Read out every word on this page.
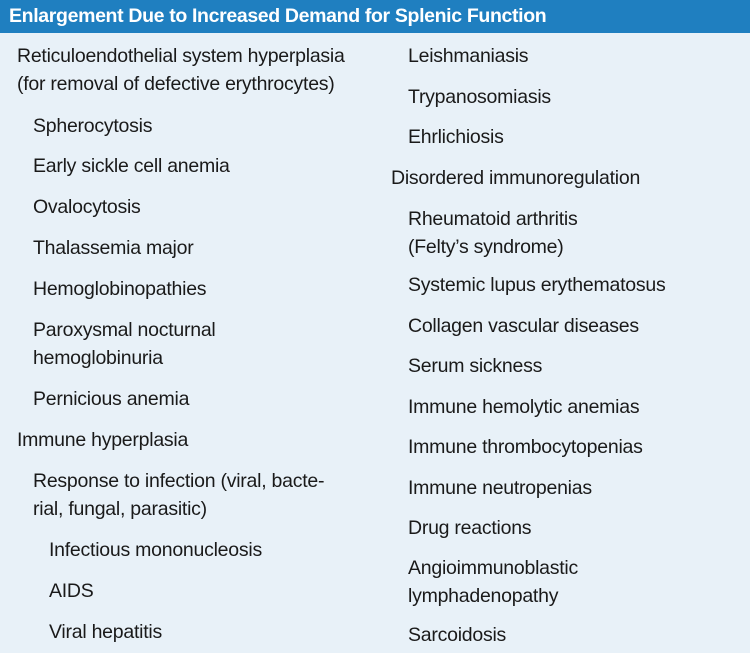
Enlargement Due to Increased Demand for Splenic Function
Reticuloendothelial system hyperplasia
(for removal of defective erythrocytes)
Spherocytosis
Early sickle cell anemia
Ovalocytosis
Thalassemia major
Hemoglobinopathies
Paroxysmal nocturnal
hemoglobinuria
Pernicious anemia
Immune hyperplasia
Response to infection (viral, bacte-
rial, fungal, parasitic)
Infectious mononucleosis
AIDS
Viral hepatitis
Leishmaniasis
Trypanosomiasis
Ehrlichiosis
Disordered immunoregulation
Rheumatoid arthritis
(Felty’s syndrome)
Systemic lupus erythematosus
Collagen vascular diseases
Serum sickness
Immune hemolytic anemias
Immune thrombocytopenias
Immune neutropenias
Drug reactions
Angioimmunoblastic
lymphadenopathy
Sarcoidosis
